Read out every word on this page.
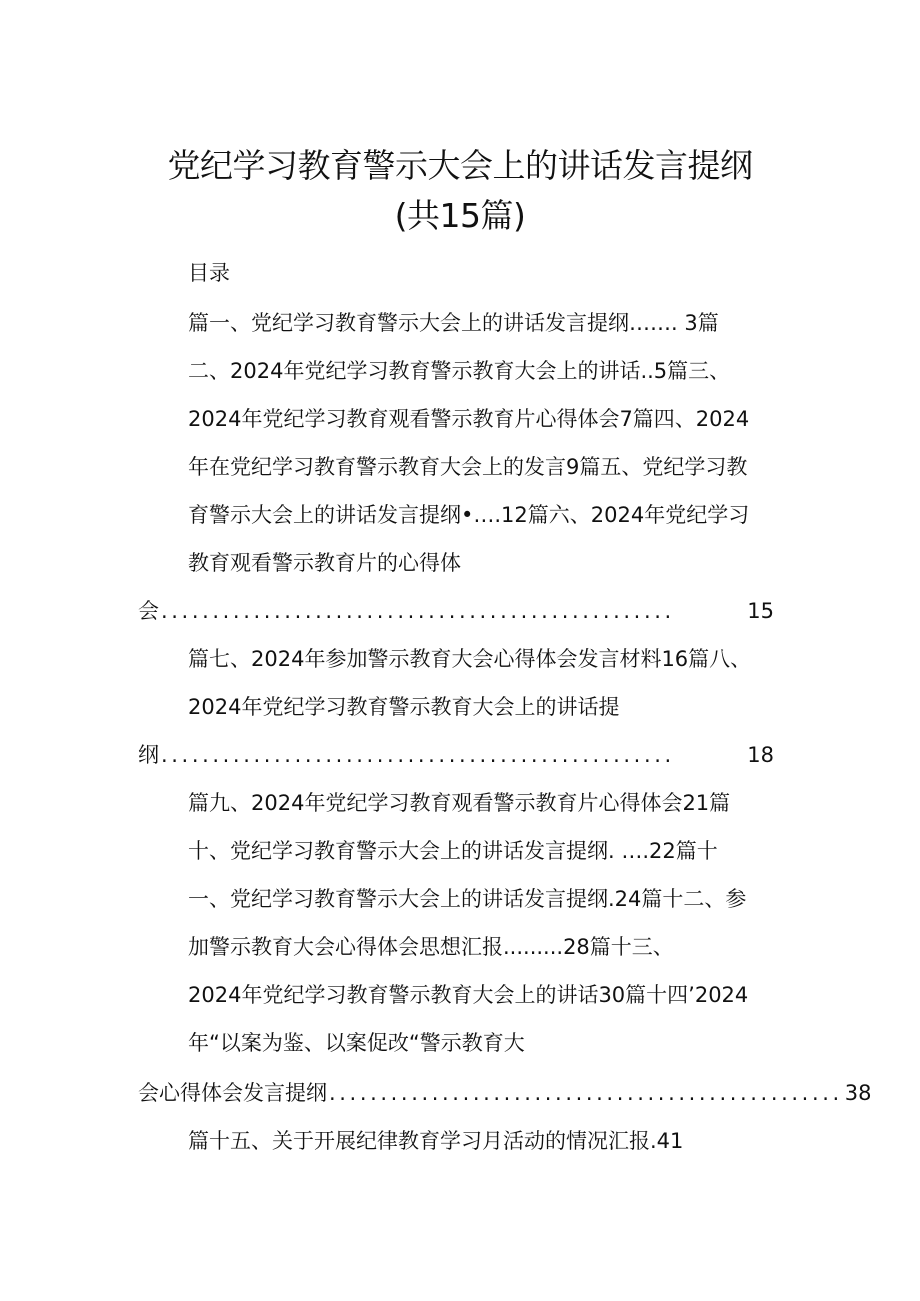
党纪学习教育警示大会上的讲话发言提纲
(共15篇)
目录
篇一、党纪学习教育警示大会上的讲话发言提纲……. 3篇
二、2024年党纪学习教育警示教育大会上的讲话..5篇三、
2024年党纪学习教育观看警示教育片心得体会7篇四、2024
年在党纪学习教育警示教育大会上的发言9篇五、党纪学习教
育警示大会上的讲话发言提纲•….12篇六、2024年党纪学习
教育观看警示教育片的心得体
会 ..................................................	15
篇七、2024年参加警示教育大会心得体会发言材料16篇八、
2024年党纪学习教育警示教育大会上的讲话提
纲 ..................................................	18
篇九、2024年党纪学习教育观看警示教育片心得体会21篇
十、党纪学习教育警示大会上的讲话发言提纲. ….22篇十
一、党纪学习教育警示大会上的讲话发言提纲.24篇十二、参
加警示教育大会心得体会思想汇报.........28篇十三、
2024年党纪学习教育警示教育大会上的讲话30篇十四’2024
年“以案为鉴、以案促改“警示教育大
会心得体会发言提纲 .................................................. 38
篇十五、关于开展纪律教育学习月活动的情况汇报.41
